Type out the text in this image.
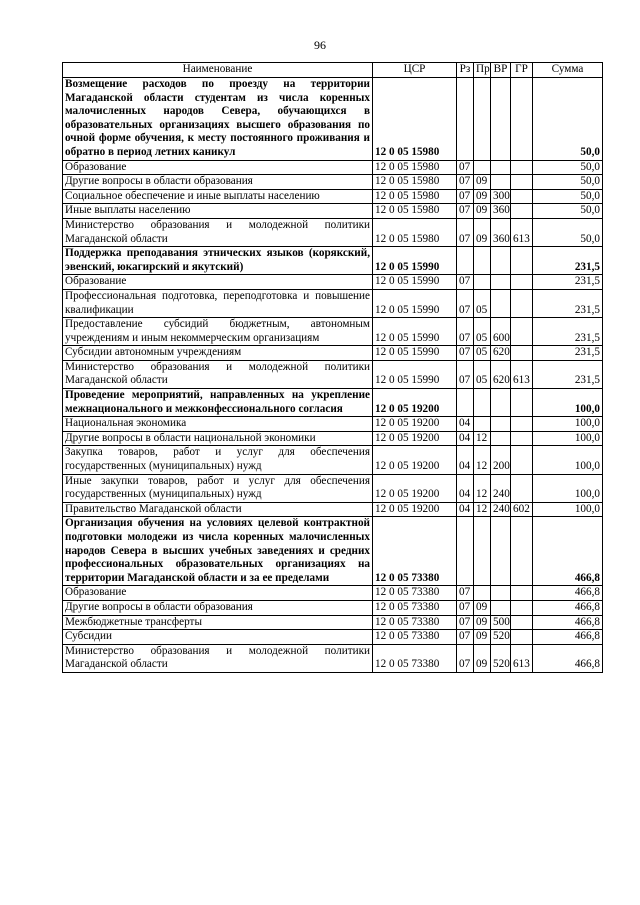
96
Наименование	ЦСР	Рз	Пр	ВР	ГР	Сумма
Возмещение расходов по проезду на территории Магаданской области студентам из числа коренных малочисленных народов Севера, обучающихся в образовательных организациях высшего образования по очной форме обучения, к месту постоянного проживания и обратно в период летних каникул	12 0 05 15980					50,0
Образование	12 0 05 15980	07				50,0
Другие вопросы в области образования	12 0 05 15980	07	09			50,0
Социальное обеспечение и иные выплаты населению	12 0 05 15980	07	09	300		50,0
Иные выплаты населению	12 0 05 15980	07	09	360		50,0
Министерство образования и молодежной политики Магаданской области	12 0 05 15980	07	09	360	613	50,0
Поддержка преподавания этнических языков (корякский, эвенский, юкагирский и якутский)	12 0 05 15990					231,5
Образование	12 0 05 15990	07				231,5
Профессиональная подготовка, переподготовка и повышение квалификации	12 0 05 15990	07	05			231,5
Предоставление субсидий бюджетным, автономным учреждениям и иным некоммерческим организациям	12 0 05 15990	07	05	600		231,5
Субсидии автономным учреждениям	12 0 05 15990	07	05	620		231,5
Министерство образования и молодежной политики Магаданской области	12 0 05 15990	07	05	620	613	231,5
Проведение мероприятий, направленных на укрепление межнационального и межконфессионального согласия	12 0 05 19200					100,0
Национальная экономика	12 0 05 19200	04				100,0
Другие вопросы в области национальной экономики	12 0 05 19200	04	12			100,0
Закупка товаров, работ и услуг для обеспечения государственных (муниципальных) нужд	12 0 05 19200	04	12	200		100,0
Иные закупки товаров, работ и услуг для обеспечения государственных (муниципальных) нужд	12 0 05 19200	04	12	240		100,0
Правительство Магаданской области	12 0 05 19200	04	12	240	602	100,0
Организация обучения на условиях целевой контрактной подготовки молодежи из числа коренных малочисленных народов Севера в высших учебных заведениях и средних профессиональных образовательных организациях на территории Магаданской области и за ее пределами	12 0 05 73380					466,8
Образование	12 0 05 73380	07				466,8
Другие вопросы в области образования	12 0 05 73380	07	09			466,8
Межбюджетные трансферты	12 0 05 73380	07	09	500		466,8
Субсидии	12 0 05 73380	07	09	520		466,8
Министерство образования и молодежной политики Магаданской области	12 0 05 73380	07	09	520	613	466,8
